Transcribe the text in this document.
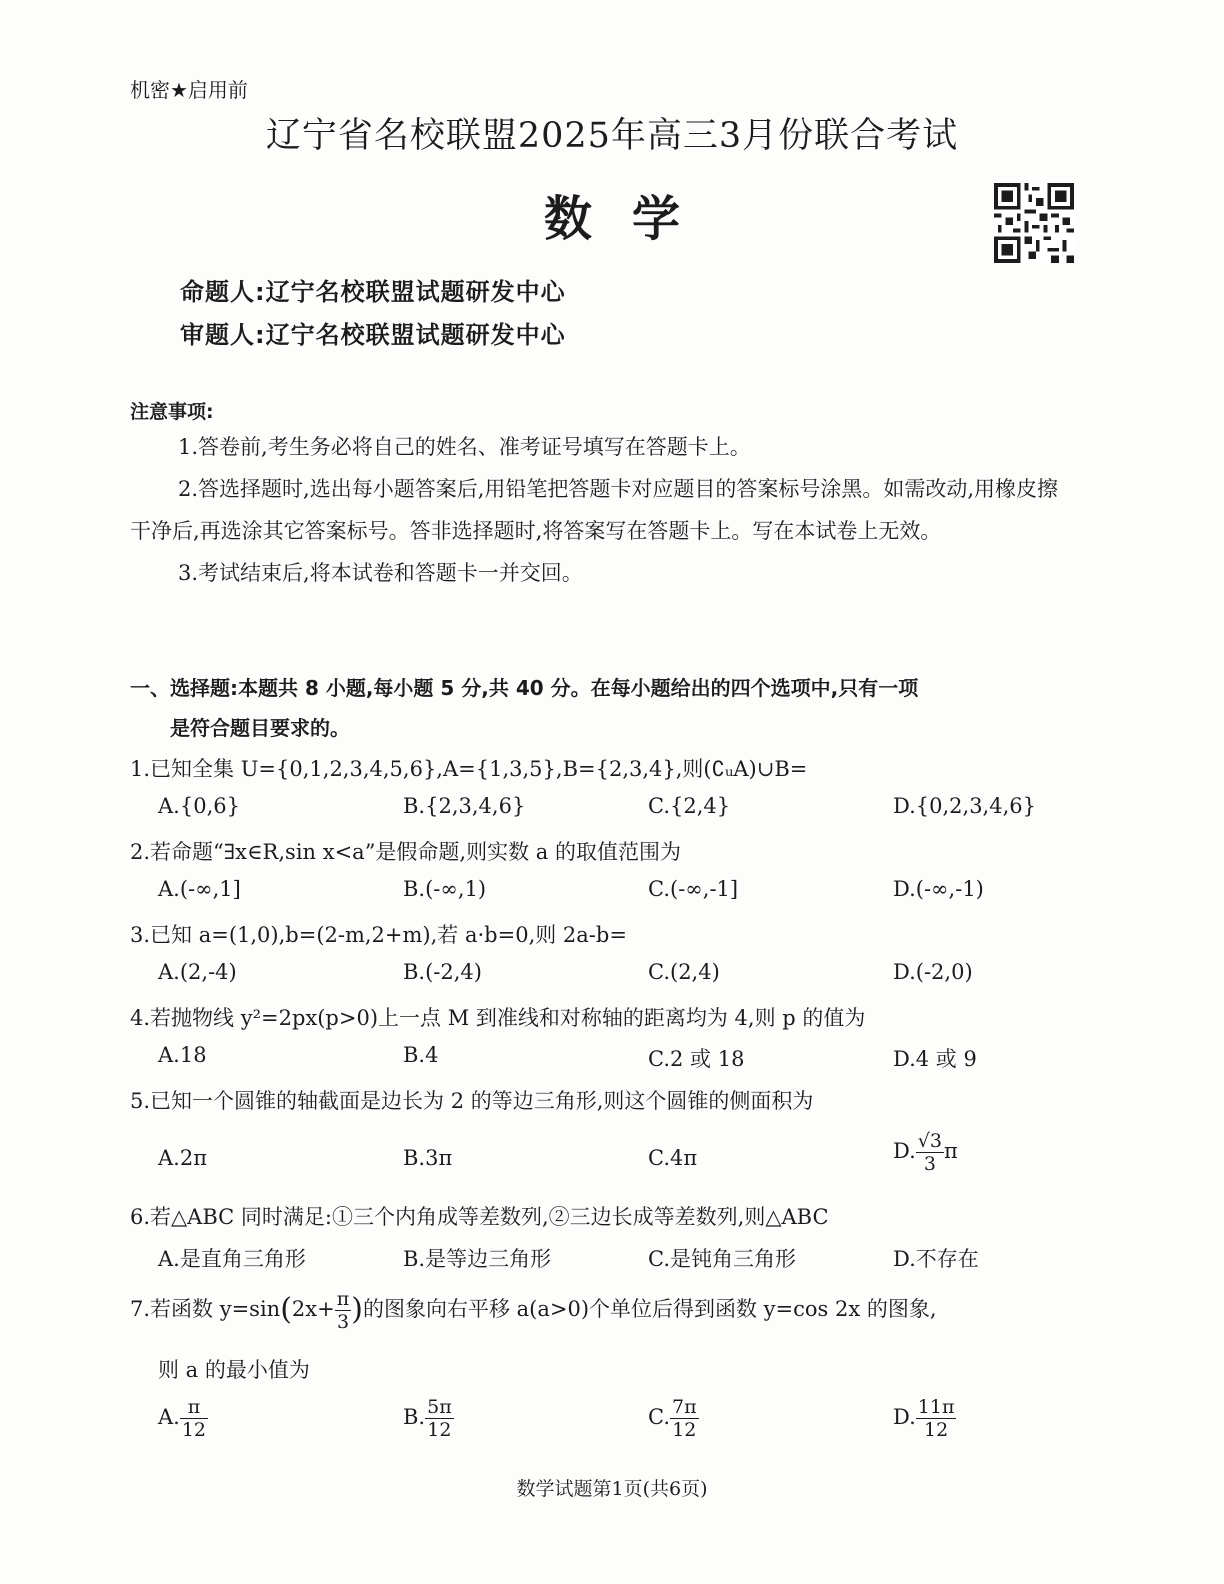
机密★启用前
辽宁省名校联盟2025年高三3月份联合考试
数学
命题人:辽宁名校联盟试题研发中心
审题人:辽宁名校联盟试题研发中心
注意事项:

1.答卷前,考生务必将自己的姓名、准考证号填写在答题卡上。

2.答选择题时,选出每小题答案后,用铅笔把答题卡对应题目的答案标号涂黑。如需改动,用橡皮擦干净后,再选涂其它答案标号。答非选择题时,将答案写在答题卡上。写在本试卷上无效。

3.考试结束后,将本试卷和答题卡一并交回。

一、选择题:本题共 8 小题,每小题 5 分,共 40 分。在每小题给出的四个选项中,只有一项
是符合题目要求的。
1.已知全集 U={0,1,2,3,4,5,6},A={1,3,5},B={2,3,4},则(∁ᵤA)∪B=
A.{0,6}	B.{2,3,4,6}	C.{2,4}	D.{0,2,3,4,6}
2.若命题“∃x∈R,sin x<a”是假命题,则实数 a 的取值范围为
A.(-∞,1]	B.(-∞,1)	C.(-∞,-1]	D.(-∞,-1)
3.已知 a=(1,0),b=(2-m,2+m),若 a·b=0,则 2a-b=
A.(2,-4)	B.(-2,4)	C.(2,4)	D.(-2,0)
4.若抛物线 y²=2px(p>0)上一点 M 到准线和对称轴的距离均为 4,则 p 的值为
A.18	B.4	C.2 或 18	D.4 或 9
5.已知一个圆锥的轴截面是边长为 2 的等边三角形,则这个圆锥的侧面积为
A.2π	B.3π	C.4π	D. $\frac{√3}{3}$ π
6.若△ABC 同时满足:①三个内角成等差数列,②三边长成等差数列,则△ABC
A.是直角三角形	B.是等边三角形	C.是钝角三角形	D.不存在
7.若函数 $y=\sin(2x+ \frac{\pi}{3}$ )的图象向右平移 a(a>0)个单位后得到函数 y=cos 2x 的图象,
则 a 的最小值为
A. $\frac{\pi}{12}$	B. $\frac{5\pi}{12}$	C. $\frac{7\pi}{12}$	D. $\frac{11\pi}{12}$
数学试题第1页(共6页)
